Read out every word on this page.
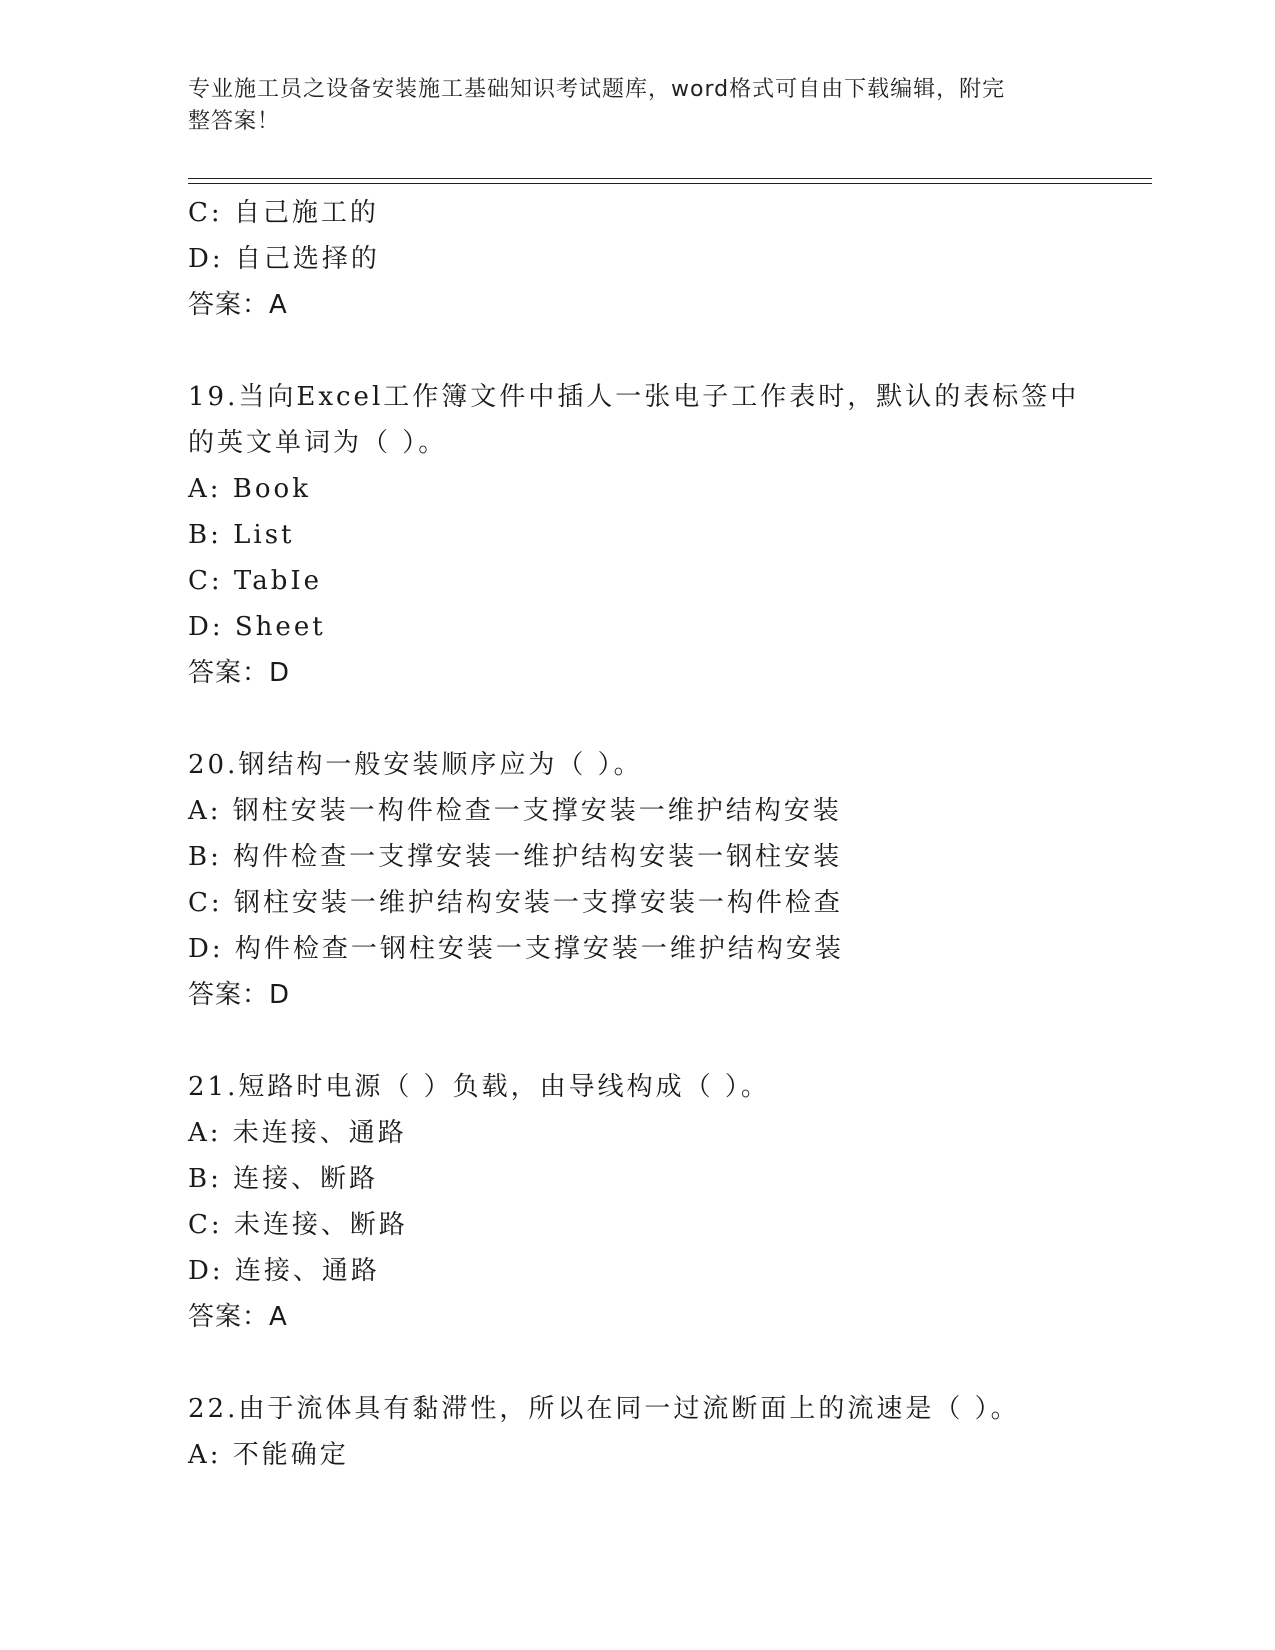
专业施工员之设备安装施工基础知识考试题库，word格式可自由下载编辑，附完
整答案！
C: 自己施工的
D: 自己选择的
答案：A
19.当向Excel工作簿文件中插人一张电子工作表时，默认的表标签中
的英文单词为（ ）。
A: Book
B: List
C: TabIe
D: Sheet
答案：D
20.钢结构一般安装顺序应为（ ）。
A: 钢柱安装一构件检查一支撑安装一维护结构安装
B: 构件检查一支撑安装一维护结构安装一钢柱安装
C: 钢柱安装一维护结构安装一支撑安装一构件检查
D: 构件检查一钢柱安装一支撑安装一维护结构安装
答案：D
21.短路时电源（ ）负载，由导线构成（ ）。
A: 未连接、通路
B: 连接、断路
C: 未连接、断路
D: 连接、通路
答案：A
22.由于流体具有黏滞性，所以在同一过流断面上的流速是（ ）。
A: 不能确定
